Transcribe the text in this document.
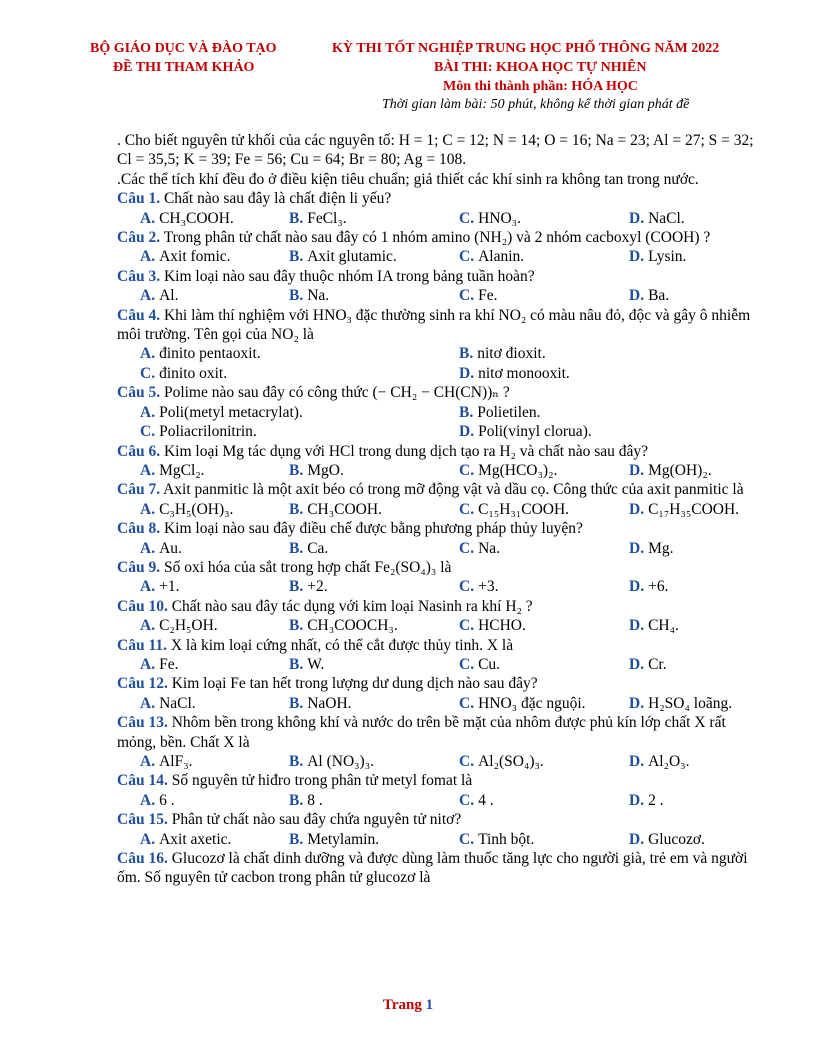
BỘ GIÁO DỤC VÀ ĐÀO TẠO	KỲ THI TỐT NGHIỆP TRUNG HỌC PHỔ THÔNG NĂM 2022
ĐỀ THI THAM KHẢO	BÀI THI: KHOA HỌC TỰ NHIÊN
Môn thi thành phần: HÓA HỌC
Thời gian làm bài: 50 phút, không kể thời gian phát đề

. Cho biết nguyên tử khối của các nguyên tố: H = 1; C = 12; N = 14; O = 16; Na = 23; Al = 27; S = 32; Cl = 35,5; K = 39; Fe = 56; Cu = 64; Br = 80; Ag = 108.

.Các thể tích khí đều đo ở điều kiện tiêu chuẩn; giả thiết các khí sinh ra không tan trong nước.

Câu 1. Chất nào sau đây là chất điện li yếu?

A. CH₃COOH.	B. FeCl₃.	C. HNO₃.	D. NaCl.

Câu 2. Trong phân tử chất nào sau đây có 1 nhóm amino (NH₂) và 2 nhóm cacboxyl (COOH) ?

A. Axit fomic.	B. Axit glutamic.	C. Alanin.	D. Lysin.

Câu 3. Kim loại nào sau đây thuộc nhóm IA trong bảng tuần hoàn?

A. Al.	B. Na.	C. Fe.	D. Ba.

Câu 4. Khi làm thí nghiệm với HNO₃ đặc thường sinh ra khí NO₂ có màu nâu đỏ, độc và gây ô nhiễm môi trường. Tên gọi của NO₂ là

A. đinito pentaoxit.	B. nitơ đioxit.
C. đinito oxit.	D. nitơ monooxit.

Câu 5. Polime nào sau đây có công thức (− CH₂ − CH(CN))ₙ ?

A. Poli(metyl metacrylat).	B. Polietilen.
C. Poliacrilonitrin.	D. Poli(vinyl clorua).

Câu 6. Kim loại Mg tác dụng với HCl trong dung dịch tạo ra H₂ và chất nào sau đây?

A. MgCl₂.	B. MgO.	C. Mg(HCO₃)₂.	D. Mg(OH)₂.

Câu 7. Axit panmitic là một axit béo có trong mỡ động vật và dầu cọ. Công thức của axit panmitic là

A. C₃H₅(OH)₃.	B. CH₃COOH.	C. C₁₅H₃₁COOH.	D. C₁₇H₃₅COOH.

Câu 8. Kim loại nào sau đây điều chế được bằng phương pháp thủy luyện?

A. Au.	B. Ca.	C. Na.	D. Mg.

Câu 9. Số oxi hóa của sắt trong hợp chất Fe₂(SO₄)₃ là

A. +1.	B. +2.	C. +3.	D. +6.

Câu 10. Chất nào sau đây tác dụng với kim loại Nasinh ra khí H₂ ?

A. C₂H₅OH.	B. CH₃COOCH₃.	C. HCHO.	D. CH₄.

Câu 11. X là kim loại cứng nhất, có thể cắt được thủy tinh. X là

A. Fe.	B. W.	C. Cu.	D. Cr.

Câu 12. Kim loại Fe tan hết trong lượng dư dung dịch nào sau đây?

A. NaCl.	B. NaOH.	C. HNO₃ đặc nguội.	D. H₂SO₄ loãng.

Câu 13. Nhôm bền trong không khí và nước do trên bề mặt của nhôm được phủ kín lớp chất X rất mỏng, bền. Chất X là

A. AlF₃.	B. Al (NO₃)₃.	C. Al₂(SO₄)₃.	D. Al₂O₃.

Câu 14. Số nguyên tử hiđro trong phân tử metyl fomat là

A. 6 .	B. 8 .	C. 4 .	D. 2 .

Câu 15. Phân tử chất nào sau đây chứa nguyên tử nitơ?

A. Axit axetic.	B. Metylamin.	C. Tinh bột.	D. Glucozơ.

Câu 16. Glucozơ là chất dinh dưỡng và được dùng làm thuốc tăng lực cho người già, trẻ em và người ốm. Số nguyên tử cacbon trong phân tử glucozơ là

Trang 1
